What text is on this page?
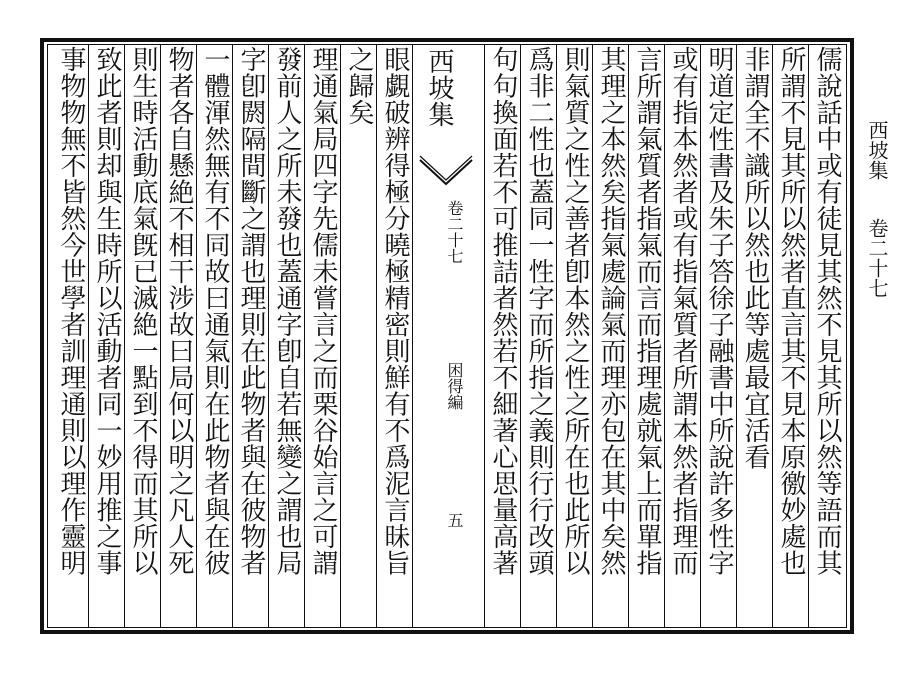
西坡集
卷二十七
儒說話中或有徒見其然不見其所以然等語而其
所謂不見其所以然者直言其不見本原徼妙處也
非謂全不識所以然也此等處最宜活看
明道定性書及朱子答徐子融書中所說許多性字
或有指本然者或有指氣質者所謂本然者指理而
言所謂氣質者指氣而言而指理處就氣上而單指
其理之本然矣指氣處論氣而理亦包在其中矣然
則氣質之性之善者卽本然之性之所在也此所以
爲非二性也蓋同一性字而所指之義則行行改頭
句句換面若不可推詰者然若不細著心思量高著
西坡集
卷二十七
困得編
五
眼覷破辨得極分曉極精密則鮮有不爲泥言昧旨
之歸矣
理通氣局四字先儒未嘗言之而栗谷始言之可謂
發前人之所未發也蓋通字卽自若無變之謂也局
字卽閼隔間斷之謂也理則在此物者與在彼物者
一體渾然無有不同故曰通氣則在此物者與在彼
物者各自懸絶不相干涉故曰局何以明之凡人死
則生時活動底氣旣已滅絶一點到不得而其所以
致此者則却與生時所以活動者同一妙用推之事
事物物無不皆然今世學者訓理通則以理作靈明
